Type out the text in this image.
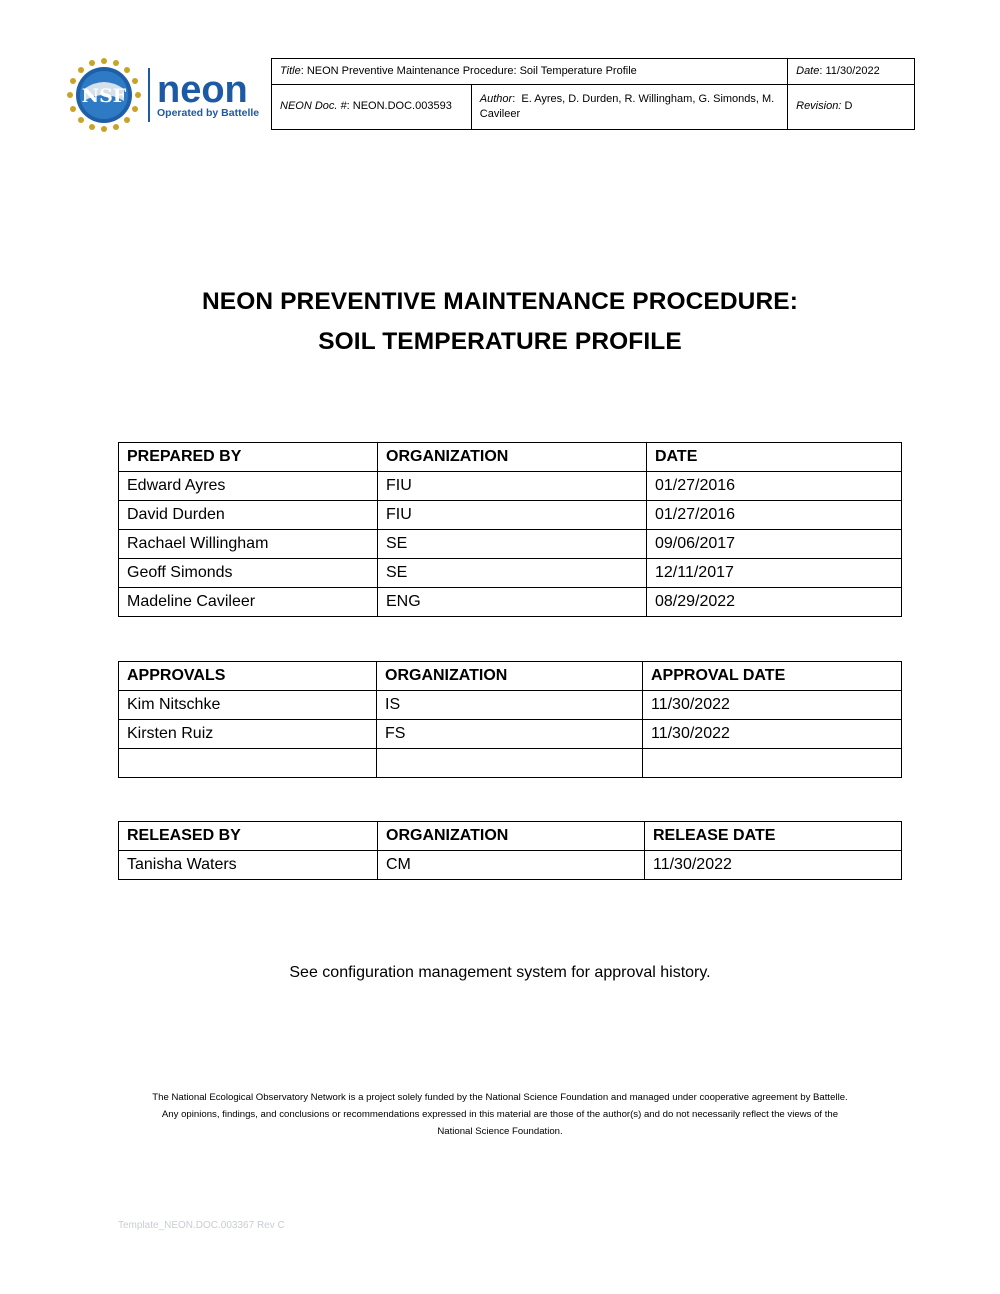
NSF neon
Operated by Battelle
Title: NEON Preventive Maintenance Procedure: Soil Temperature Profile		Date: 11/30/2022
NEON Doc. #: NEON.DOC.003593	Author:  E. Ayres, D. Durden, R. Willingham, G. Simonds, M. Cavileer	Revision: D
NEON PREVENTIVE MAINTENANCE PROCEDURE:
SOIL TEMPERATURE PROFILE
PREPARED BY	ORGANIZATION	DATE
Edward Ayres	FIU	01/27/2016
David Durden	FIU	01/27/2016
Rachael Willingham	SE	09/06/2017
Geoff Simonds	SE	12/11/2017
Madeline Cavileer	ENG	08/29/2022
APPROVALS	ORGANIZATION	APPROVAL DATE
Kim Nitschke	IS	11/30/2022
Kirsten Ruiz	FS	11/30/2022

RELEASED BY	ORGANIZATION	RELEASE DATE
Tanisha Waters	CM	11/30/2022
See configuration management system for approval history.
The National Ecological Observatory Network is a project solely funded by the National Science Foundation and managed under cooperative agreement by Battelle.
Any opinions, findings, and conclusions or recommendations expressed in this material are those of the author(s) and do not necessarily reflect the views of the
National Science Foundation.
Template_NEON.DOC.003367 Rev C
